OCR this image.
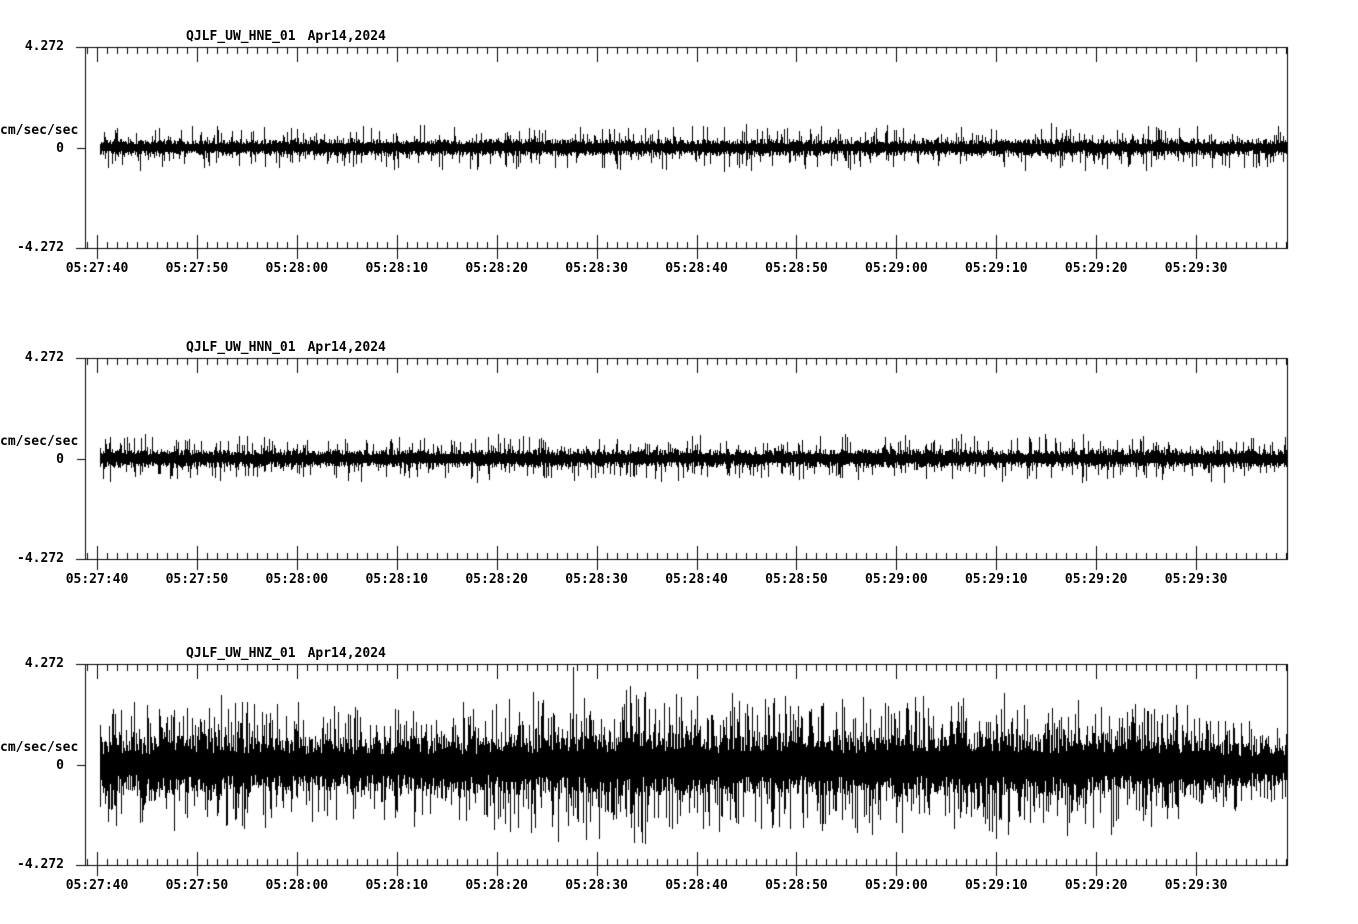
QJLF_UW_HNE_01 Apr14,2024
4.272
cm/sec/sec
0
-4.272
05:27:40	05:27:50	05:28:00	05:28:10	05:28:20	05:28:30	05:28:40	05:28:50	05:29:00	05:29:10	05:29:20	05:29:30
QJLF_UW_HNN_01 Apr14,2024
4.272
cm/sec/sec
0
-4.272
05:27:40	05:27:50	05:28:00	05:28:10	05:28:20	05:28:30	05:28:40	05:28:50	05:29:00	05:29:10	05:29:20	05:29:30
QJLF_UW_HNZ_01 Apr14,2024
4.272
cm/sec/sec
0
-4.272
05:27:40	05:27:50	05:28:00	05:28:10	05:28:20	05:28:30	05:28:40	05:28:50	05:29:00	05:29:10	05:29:20	05:29:30
